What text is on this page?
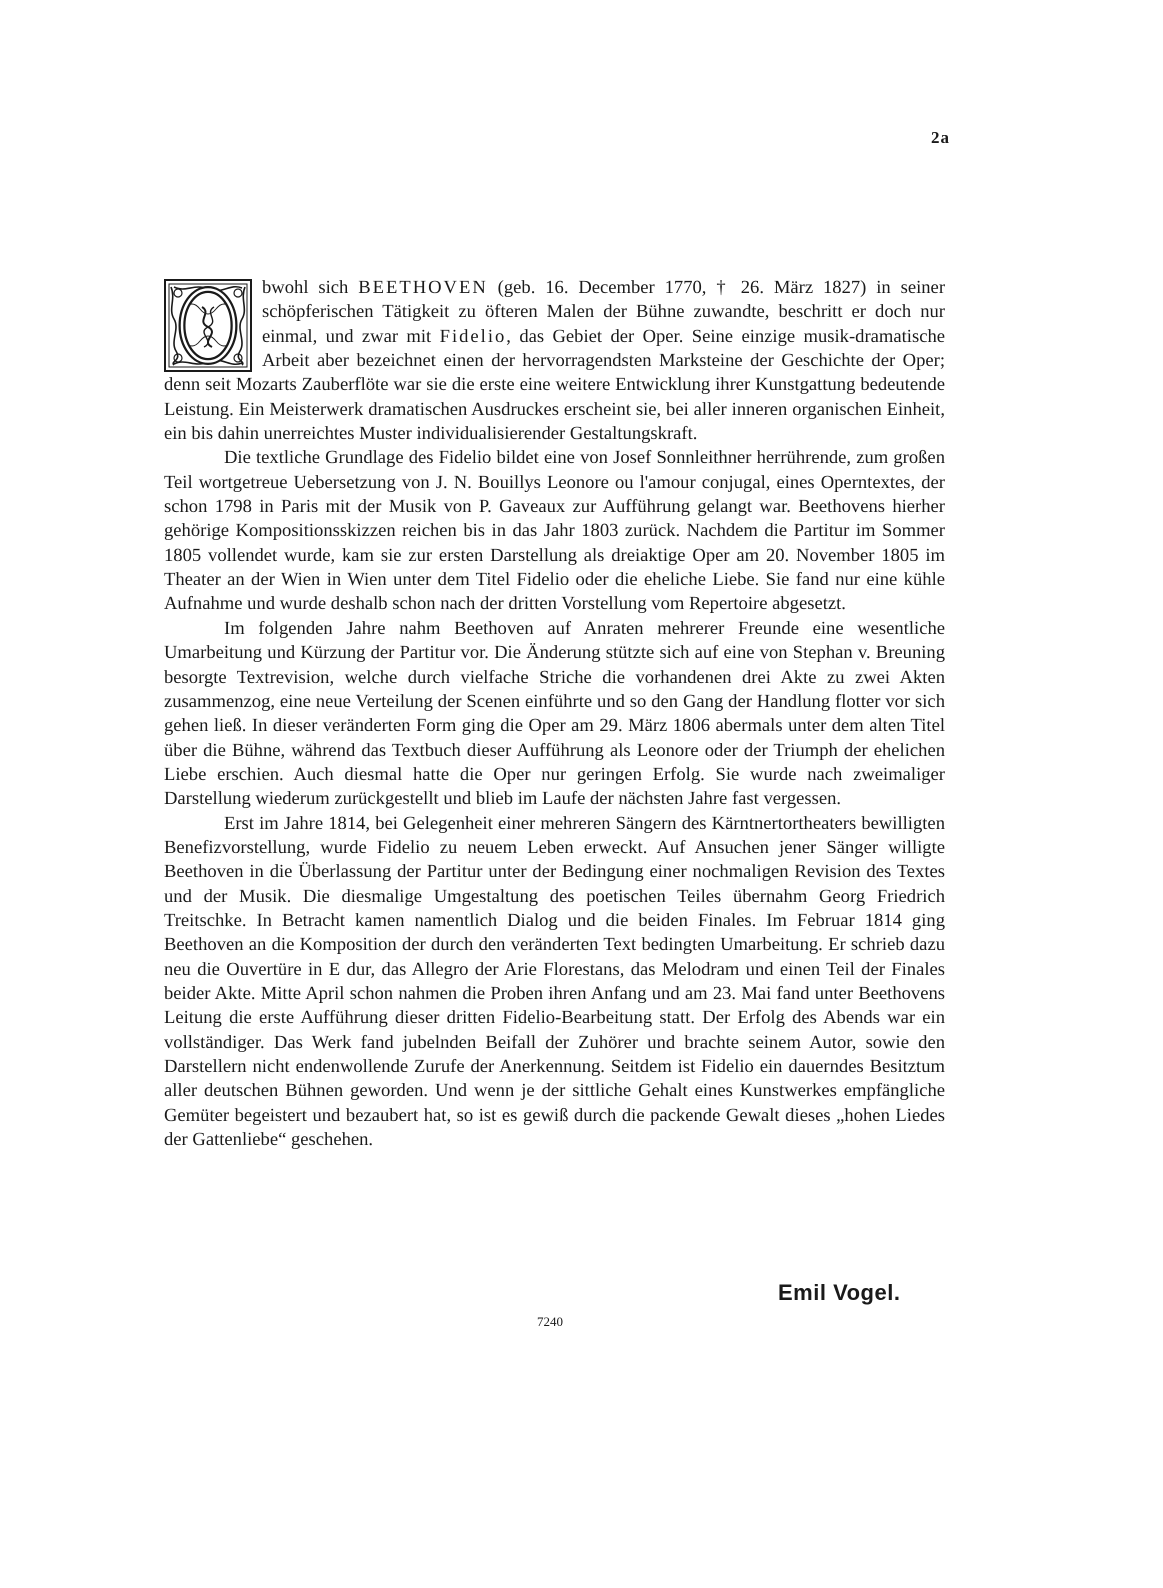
2a

bwohl sich BEETHOVEN (geb. 16. December 1770, † 26. März 1827) in seiner schöpferischen Tätigkeit zu öfteren Malen der Bühne zuwandte, beschritt er doch nur einmal, und zwar mit Fidelio, das Gebiet der Oper. Seine einzige musik-dramatische Arbeit aber bezeichnet einen der hervorragendsten Marksteine der Geschichte der Oper; denn seit Mozarts Zauberflöte war sie die erste eine weitere Entwicklung ihrer Kunstgattung bedeutende Leistung. Ein Meisterwerk dramatischen Ausdruckes erscheint sie, bei aller inneren organischen Einheit, ein bis dahin unerreichtes Muster individualisierender Gestaltungskraft.

Die textliche Grundlage des Fidelio bildet eine von Josef Sonnleithner herrührende, zum großen Teil wortgetreue Uebersetzung von J. N. Bouillys Leonore ou l'amour conjugal, eines Operntextes, der schon 1798 in Paris mit der Musik von P. Gaveaux zur Aufführung gelangt war. Beethovens hierher gehörige Kompositionsskizzen reichen bis in das Jahr 1803 zurück. Nachdem die Partitur im Sommer 1805 vollendet wurde, kam sie zur ersten Darstellung als dreiaktige Oper am 20. November 1805 im Theater an der Wien in Wien unter dem Titel Fidelio oder die eheliche Liebe. Sie fand nur eine kühle Aufnahme und wurde deshalb schon nach der dritten Vorstellung vom Repertoire abgesetzt.

Im folgenden Jahre nahm Beethoven auf Anraten mehrerer Freunde eine wesentliche Umarbeitung und Kürzung der Partitur vor. Die Änderung stützte sich auf eine von Stephan v. Breuning besorgte Textrevision, welche durch vielfache Striche die vorhandenen drei Akte zu zwei Akten zusammenzog, eine neue Verteilung der Scenen einführte und so den Gang der Handlung flotter vor sich gehen ließ. In dieser veränderten Form ging die Oper am 29. März 1806 abermals unter dem alten Titel über die Bühne, während das Textbuch dieser Aufführung als Leonore oder der Triumph der ehelichen Liebe erschien. Auch diesmal hatte die Oper nur geringen Erfolg. Sie wurde nach zweimaliger Darstellung wiederum zurückgestellt und blieb im Laufe der nächsten Jahre fast vergessen.

Erst im Jahre 1814, bei Gelegenheit einer mehreren Sängern des Kärntnertortheaters bewilligten Benefizvorstellung, wurde Fidelio zu neuem Leben erweckt. Auf Ansuchen jener Sänger willigte Beethoven in die Überlassung der Partitur unter der Bedingung einer nochmaligen Revision des Textes und der Musik. Die diesmalige Umgestaltung des poetischen Teiles übernahm Georg Friedrich Treitschke. In Betracht kamen namentlich Dialog und die beiden Finales. Im Februar 1814 ging Beethoven an die Komposition der durch den veränderten Text bedingten Umarbeitung. Er schrieb dazu neu die Ouvertüre in E dur, das Allegro der Arie Florestans, das Melodram und einen Teil der Finales beider Akte. Mitte April schon nahmen die Proben ihren Anfang und am 23. Mai fand unter Beethovens Leitung die erste Aufführung dieser dritten Fidelio-Bearbeitung statt. Der Erfolg des Abends war ein vollständiger. Das Werk fand jubelnden Beifall der Zuhörer und brachte seinem Autor, sowie den Darstellern nicht endenwollende Zurufe der Anerkennung. Seitdem ist Fidelio ein dauerndes Besitztum aller deutschen Bühnen geworden. Und wenn je der sittliche Gehalt eines Kunstwerkes empfängliche Gemüter begeistert und bezaubert hat, so ist es gewiß durch die packende Gewalt dieses „hohen Liedes der Gattenliebe“ geschehen.

Emil Vogel.
7240
